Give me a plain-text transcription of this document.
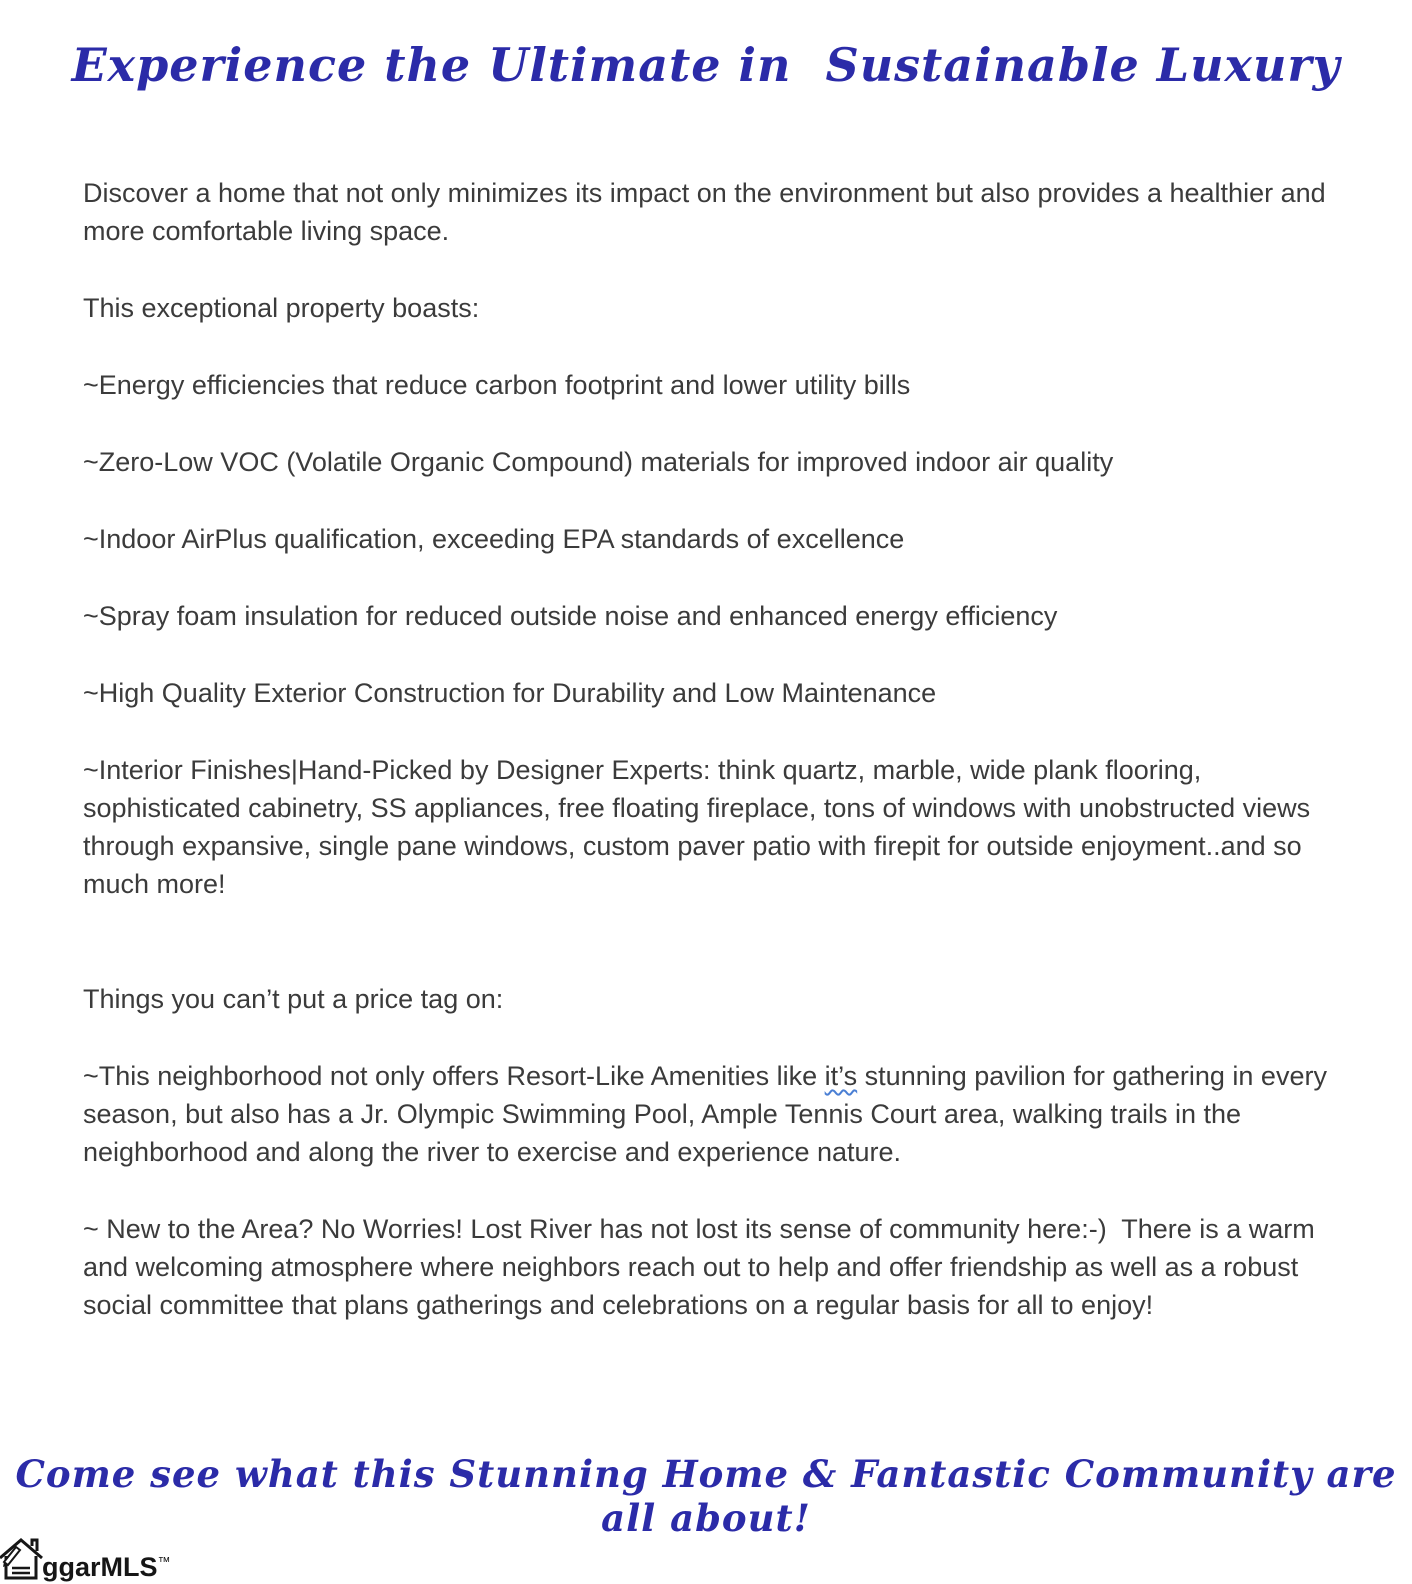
Experience the Ultimate in  Sustainable Luxury

Discover a home that not only minimizes its impact on the environment but also provides a healthier and more comfortable living space.

This exceptional property boasts:

~Energy efficiencies that reduce carbon footprint and lower utility bills

~Zero-Low VOC (Volatile Organic Compound) materials for improved indoor air quality

~Indoor AirPlus qualification, exceeding EPA standards of excellence

~Spray foam insulation for reduced outside noise and enhanced energy efficiency

~High Quality Exterior Construction for Durability and Low Maintenance

~Interior Finishes|Hand-Picked by Designer Experts: think quartz, marble, wide plank flooring, sophisticated cabinetry, SS appliances, free floating fireplace, tons of windows with unobstructed views through expansive, single pane windows, custom paver patio with firepit for outside enjoyment..and so much more!

Things you can’t put a price tag on:

~This neighborhood not only offers Resort-Like Amenities like it’s stunning pavilion for gathering in every season, but also has a Jr. Olympic Swimming Pool, Ample Tennis Court area, walking trails in the neighborhood and along the river to exercise and experience nature.

~ New to the Area? No Worries! Lost River has not lost its sense of community here:-)  There is a warm and welcoming atmosphere where neighbors reach out to help and offer friendship as well as a robust social committee that plans gatherings and celebrations on a regular basis for all to enjoy!

Come see what this Stunning Home & Fantastic Community are all about!
ggarMLS ™
